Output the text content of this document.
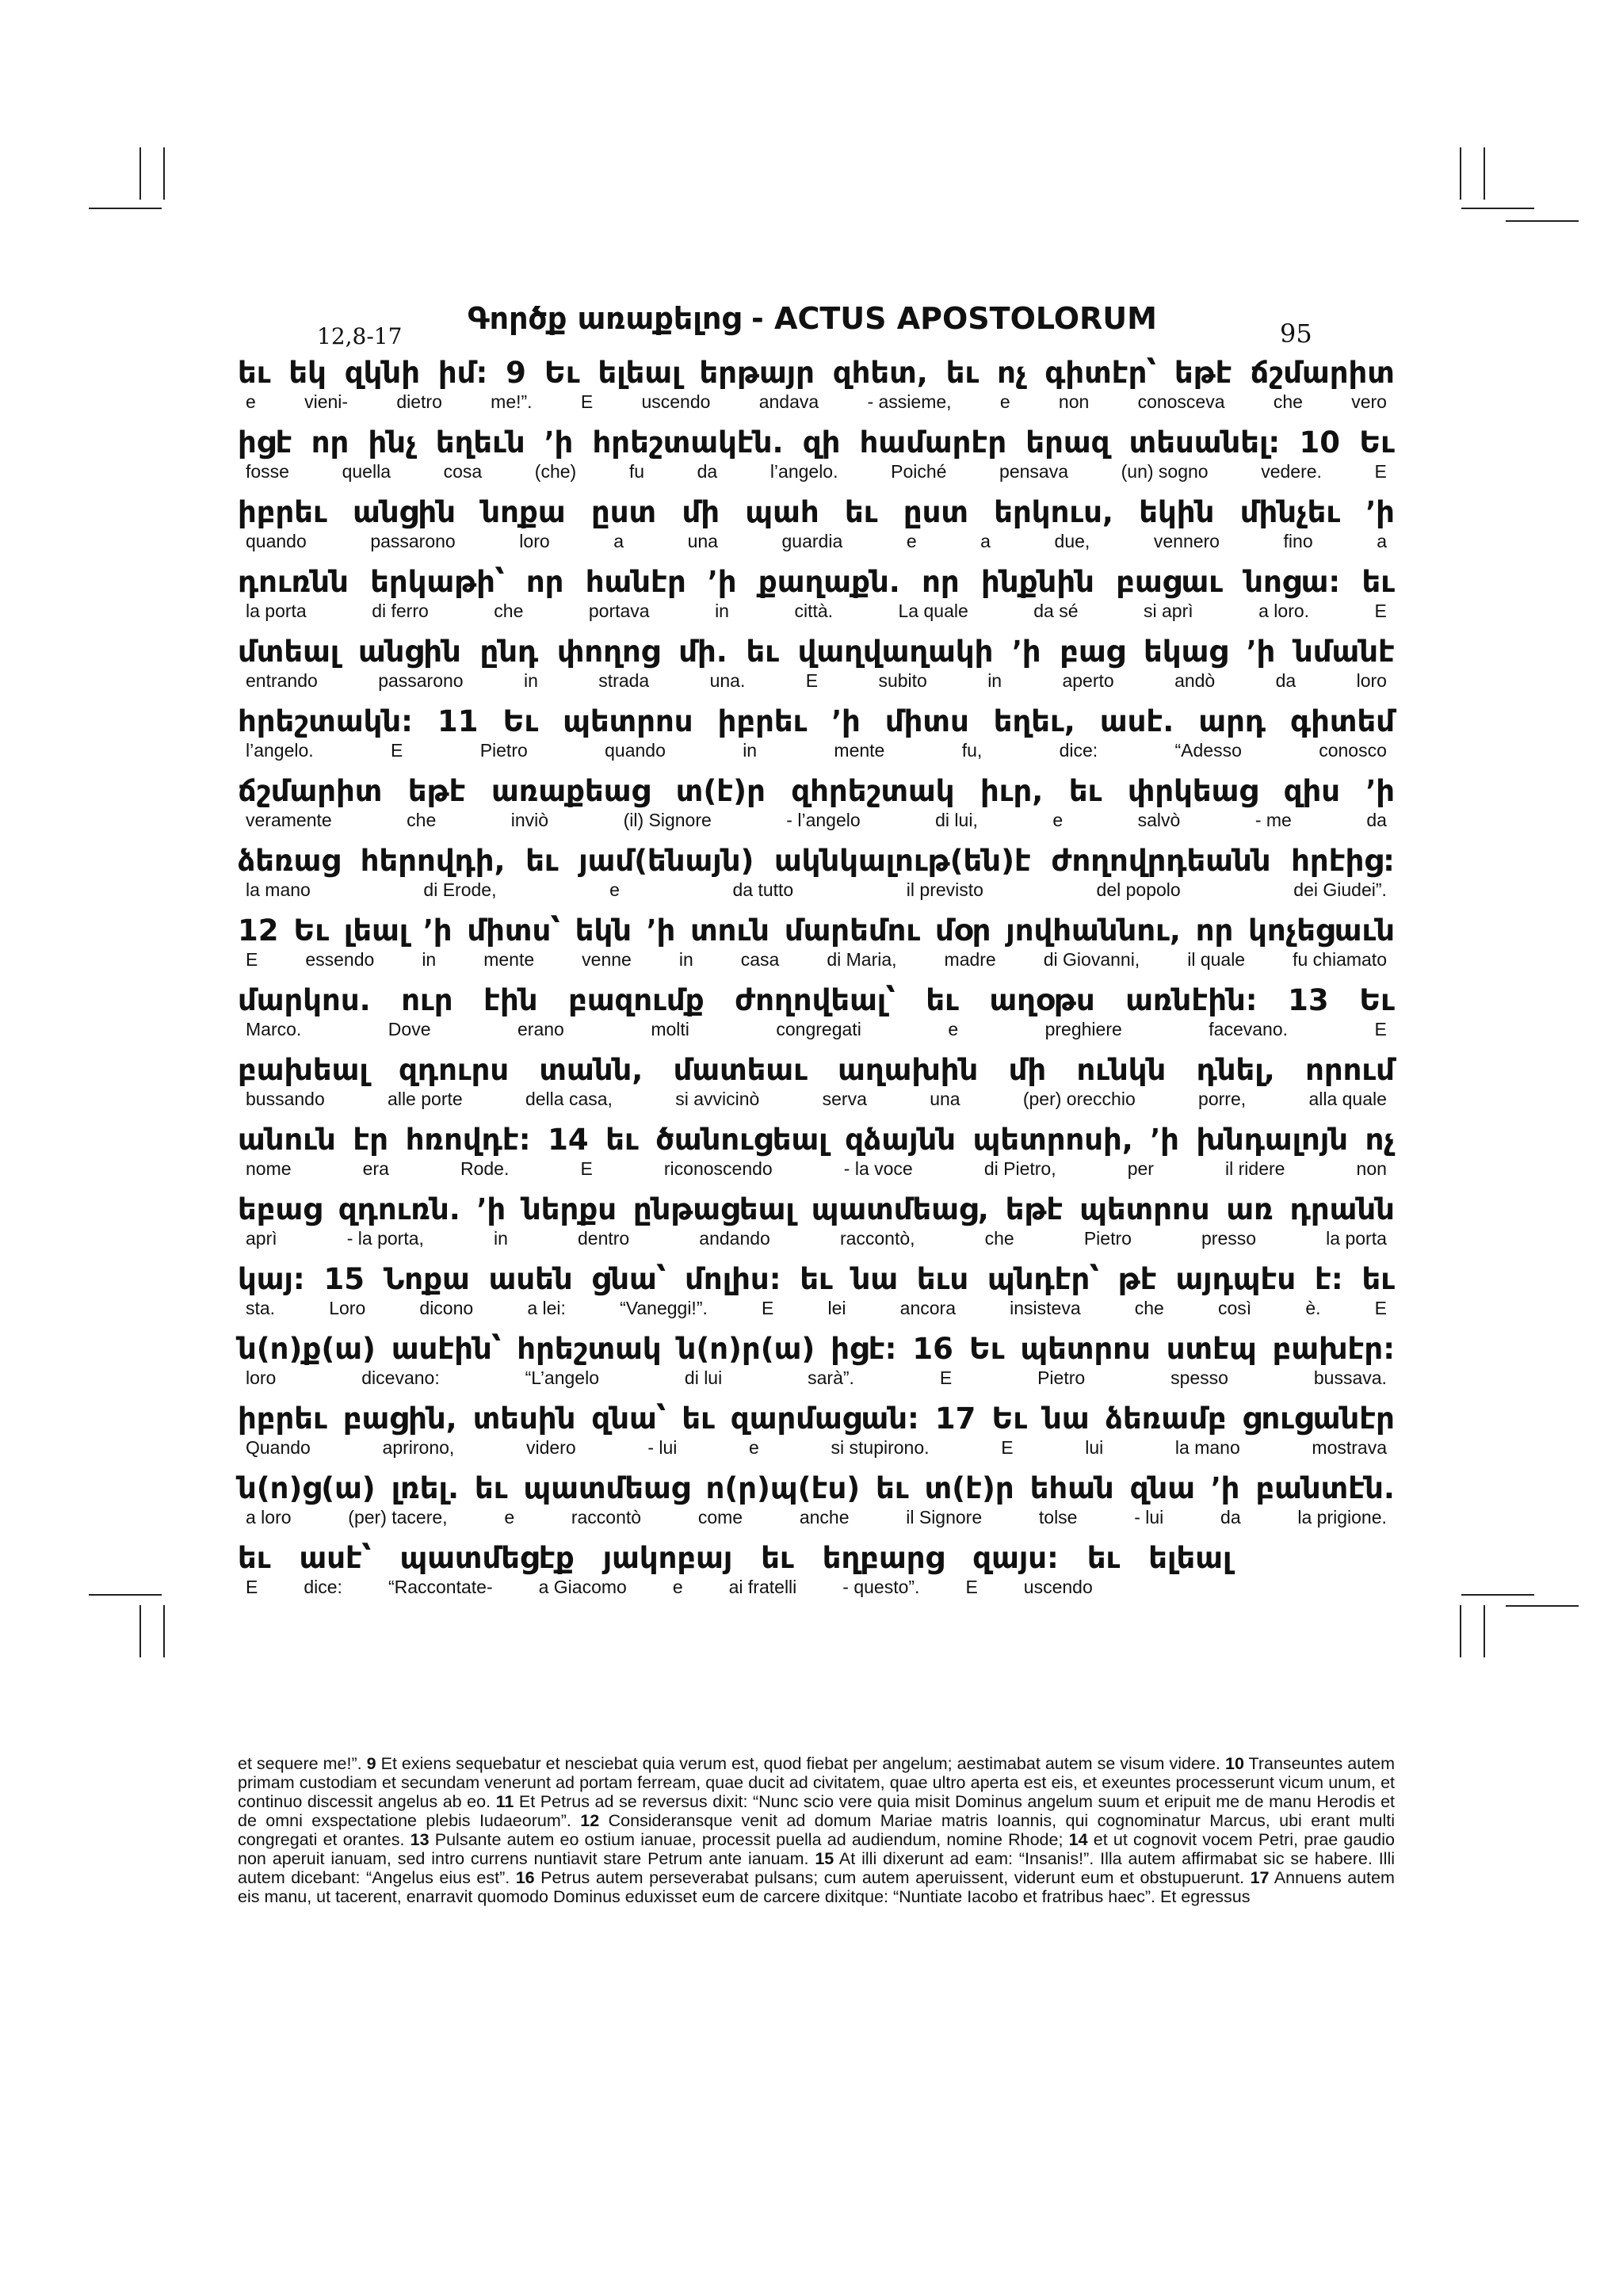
12,8-17
Գործք առաքելոց - ACTUS APOSTOLORUM	95
եւ եկ զկնի իմ: 9 Եւ ելեալ երթայր զհետ, եւ ոչ գիտէր՝ եթէ ճշմարիտ
e	vieni-	dietro	me!”.	E	uscendo	andava	- assieme,	e	non	conosceva	che	vero
իցէ որ ինչ եղեւն ՚ի հրեշտակէն. զի համարէր երազ տեսանել: 10 Եւ
fosse	quella	cosa	(che)	fu	da	l’angelo.	Poiché	pensava	(un) sogno	vedere.	E
իբրեւ անցին նոքա ըստ մի պահ եւ ըստ երկուս, եկին մինչեւ ՚ի
quando	passarono	loro	a	una	guardia	e	a	due,	vennero	fino	a
դուռնն երկաթի՝ որ հանէր ՚ի քաղաքն. որ ինքնին բացաւ նոցա: եւ
la porta	di ferro	che	portava	in	città.	La quale	da sé	si aprì	a loro.	E
մտեալ անցին ընդ փողոց մի. եւ վաղվաղակի ՚ի բաց եկաց ՚ի նմանէ
entrando	passarono	in	strada	una.	E	subito	in	aperto	andò	da	loro
հրեշտակն: 11 Եւ պետրոս իբրեւ ՚ի միտս եղեւ, ասէ. արդ գիտեմ
l’angelo.	E	Pietro	quando	in	mente	fu,	dice:	“Adesso	conosco
ճշմարիտ եթէ առաքեաց տ(է)ր զհրեշտակ իւր, եւ փրկեաց զիս ՚ի
veramente	che	inviò	(il) Signore	- l’angelo	di lui,	e	salvò	- me	da
ձեռաց հերովդի, եւ յամ(ենայն) ակնկալութ(են)է ժողովրդեանն հրէից:
la mano	di Erode,	e	da tutto	il previsto	del popolo	dei Giudei”.
12 Եւ լեալ ՚ի միտս՝ եկն ՚ի տուն մարեմու մօր յովհաննու, որ կոչեցաւն
E	essendo	in	mente	venne	in	casa	di Maria,	madre	di Giovanni,	il quale	fu chiamato
մարկոս. ուր էին բազումք ժողովեալ՝ եւ աղօթս առնէին: 13 Եւ
Marco.	Dove	erano	molti	congregati	e	preghiere	facevano.	E
բախեալ զդուրս տանն, մատեաւ աղախին մի ունկն դնել, որում
bussando	alle porte	della casa,	si avvicinò	serva	una	(per) orecchio	porre,	alla quale
անուն էր հռովդէ: 14 եւ ծանուցեալ զձայնն պետրոսի, ՚ի խնդալոյն ոչ
nome	era	Rode.	E	riconoscendo	- la voce	di Pietro,	per	il ridere	non
եբաց զդուռն. ՚ի ներքս ընթացեալ պատմեաց, եթէ պետրոս առ դրանն
aprì	- la porta,	in	dentro	andando	raccontò,	che	Pietro	presso	la porta
կայ: 15 Նոքա ասեն ցնա՝ մոլիս: եւ նա եւս պնդէր՝ թէ այդպէս է: եւ
sta.	Loro	dicono	a lei:	“Vaneggi!”.	E	lei	ancora	insisteva	che	così	è.	E
ն(ո)ք(ա) ասէին՝ հրեշտակ ն(ո)ր(ա) իցէ: 16 Եւ պետրոս ստէպ բախէր:
loro	dicevano:	“L’angelo	di lui	sarà”.	E	Pietro	spesso	bussava.
իբրեւ բացին, տեսին զնա՝ եւ զարմացան: 17 Եւ նա ձեռամբ ցուցանէր
Quando	aprirono,	videro	- lui	e	si stupirono.	E	lui	la mano	mostrava
ն(ո)ց(ա) լռել. եւ պատմեաց ո(ր)պ(էս) եւ տ(է)ր եհան զնա ՚ի բանտէն.
a loro	(per) tacere,	e	raccontò	come	anche	il Signore	tolse	- lui	da	la prigione.
եւ ասէ՝ պատմեցէք յակոբայ եւ եղբարց զայս: եւ ելեալ
E	dice:	“Raccontate-	a Giacomo	e	ai fratelli	- questo”.	E	uscendo
et sequere me!”. 9 Et exiens sequebatur et nesciebat quia verum est, quod fiebat per angelum; aestimabat autem se visum videre. 10 Transeuntes autem primam custodiam et secundam venerunt ad portam ferream, quae ducit ad civitatem, quae ultro aperta est eis, et exeuntes processerunt vicum unum, et continuo discessit angelus ab eo. 11 Et Petrus ad se reversus dixit: “Nunc scio vere quia misit Dominus angelum suum et eripuit me de manu Herodis et de omni exspectatione plebis Iudaeorum”. 12 Consideransque venit ad domum Mariae matris Ioannis, qui cognominatur Marcus, ubi erant multi congregati et orantes. 13 Pulsante autem eo ostium ianuae, processit puella ad audiendum, nomine Rhode; 14 et ut cognovit vocem Petri, prae gaudio non aperuit ianuam, sed intro currens nuntiavit stare Petrum ante ianuam. 15 At illi dixerunt ad eam: “Insanis!”. Illa autem affirmabat sic se habere. Illi autem dicebant: “Angelus eius est”. 16 Petrus autem perseverabat pulsans; cum autem aperuissent, viderunt eum et obstupuerunt. 17 Annuens autem eis manu, ut tacerent, enarravit quomodo Dominus eduxisset eum de carcere dixitque: “Nuntiate Iacobo et fratribus haec”. Et egressus
